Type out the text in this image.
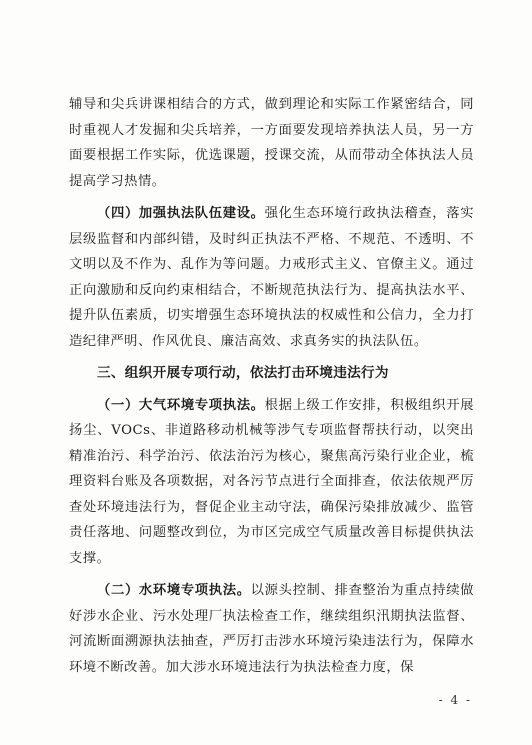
辅导和尖兵讲课相结合的方式，做到理论和实际工作紧密结合，同时重视人才发掘和尖兵培养，一方面要发现培养执法人员，另一方面要根据工作实际，优选课题，授课交流，从而带动全体执法人员提高学习热情。

（四）加强执法队伍建设。强化生态环境行政执法稽查，落实层级监督和内部纠错，及时纠正执法不严格、不规范、不透明、不文明以及不作为、乱作为等问题。力戒形式主义、官僚主义。通过正向激励和反向约束相结合，不断规范执法行为、提高执法水平、提升队伍素质，切实增强生态环境执法的权威性和公信力，全力打造纪律严明、作风优良、廉洁高效、求真务实的执法队伍。

三、组织开展专项行动，依法打击环境违法行为

（一）大气环境专项执法。根据上级工作安排，积极组织开展扬尘、VOCs、非道路移动机械等涉气专项监督帮扶行动，以突出精准治污、科学治污、依法治污为核心，聚焦高污染行业企业，梳理资料台账及各项数据，对各污节点进行全面排查，依法依规严厉查处环境违法行为，督促企业主动守法，确保污染排放减少、监管责任落地、问题整改到位，为市区完成空气质量改善目标提供执法支撑。

（二）水环境专项执法。以源头控制、排查整治为重点持续做好涉水企业、污水处理厂执法检查工作，继续组织汛期执法监督、河流断面溯源执法抽查，严厉打击涉水环境污染违法行为，保障水环境不断改善。加大涉水环境违法行为执法检查力度，保

- 4 -
